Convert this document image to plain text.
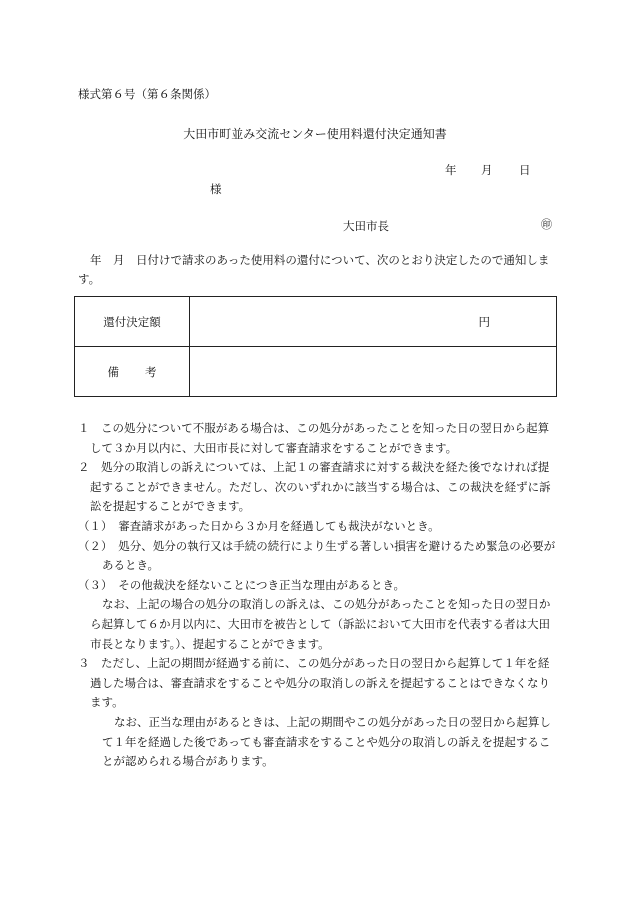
様式第６号（第６条関係）
大田市町並み交流センター使用料還付決定通知書
年 月 日
様
大田市長	㊞
年　月　日付けで請求のあった使用料の還付について、次のとおり決定したので通知します。
還付決定額	円

備考	
１　この処分について不服がある場合は、この処分があったことを知った日の翌日から起算して３か月以内に、大田市長に対して審査請求をすることができます。
２　処分の取消しの訴えについては、上記１の審査請求に対する裁決を経た後でなければ提起することができません。ただし、次のいずれかに該当する場合は、この裁決を経ずに訴訟を提起することができます。
（１）　審査請求があった日から３か月を経過しても裁決がないとき。
（２）　処分、処分の執行又は手続の続行により生ずる著しい損害を避けるため緊急の必要があるとき。
（３）　その他裁決を経ないことにつき正当な理由があるとき。
なお、上記の場合の処分の取消しの訴えは、この処分があったことを知った日の翌日から起算して６か月以内に、大田市を被告として（訴訟において大田市を代表する者は大田市長となります。）、提起することができます。
３　ただし、上記の期間が経過する前に、この処分があった日の翌日から起算して１年を経過した場合は、審査請求をすることや処分の取消しの訴えを提起することはできなくなります。
なお、正当な理由があるときは、上記の期間やこの処分があった日の翌日から起算して１年を経過した後であっても審査請求をすることや処分の取消しの訴えを提起することが認められる場合があります。
